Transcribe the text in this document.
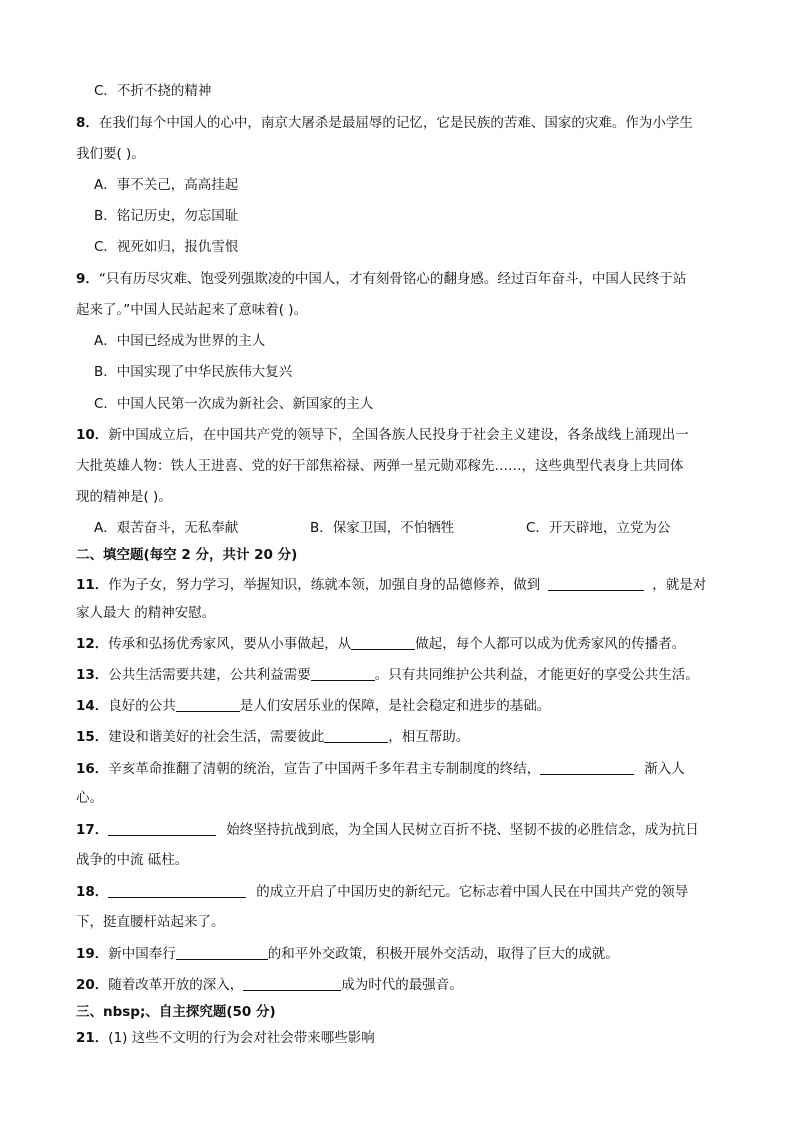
C．不折不挠的精神
8．在我们每个中国人的心中，南京大屠杀是最屈辱的记忆，它是民族的苦难、国家的灾难。作为小学生
我们要( )。
A．事不关己，高高挂起
B．铭记历史，勿忘国耻
C．视死如归，报仇雪恨
9．“只有历尽灾难、饱受列强欺凌的中国人，才有刻骨铭心的翻身感。经过百年奋斗，中国人民终于站
起来了。”中国人民站起来了意味着( )。
A．中国已经成为世界的主人
B．中国实现了中华民族伟大复兴
C．中国人民第一次成为新社会、新国家的主人
10．新中国成立后，在中国共产党的领导下，全国各族人民投身于社会主义建设，各条战线上涌现出一
大批英雄人物：铁人王进喜、党的好干部焦裕禄、两弹一星元勋邓稼先……，这些典型代表身上共同体
现的精神是( )。
A．艰苦奋斗，无私奉献	B．保家卫国，不怕牺牲	C．开天辟地，立党为公
二、填空题(每空 2 分，共计 20 分)
11．作为子女，努力学习，举握知识，练就本领，加强自身的品德修养，做到	，就是对
家人最大 的精神安慰。
12．传承和弘扬优秀家风，要从小事做起，从	做起，每个人都可以成为优秀家风的传播者。
13．公共生活需要共建，公共利益需要	。只有共同维护公共利益，才能更好的享受公共生活。
14．良好的公共	是人们安居乐业的保障，是社会稳定和进步的基础。
15．建设和谐美好的社会生活，需要彼此	，相互帮助。
16．辛亥革命推翻了清朝的统治，宣告了中国两千多年君主专制制度的终结，	渐入人
心。
17．	始终坚持抗战到底，为全国人民树立百折不挠、坚韧不拔的必胜信念，成为抗日
战争的中流 砥柱。
18．	的成立开启了中国历史的新纪元。它标志着中国人民在中国共产党的领导
下，挺直腰杆站起来了。
19．新中国奉行	的和平外交政策，积极开展外交活动，取得了巨大的成就。
20．随着改革开放的深入，	成为时代的最强音。
三、nbsp;、自主探究题(50 分)
21．(1) 这些不文明的行为会对社会带来哪些影响
